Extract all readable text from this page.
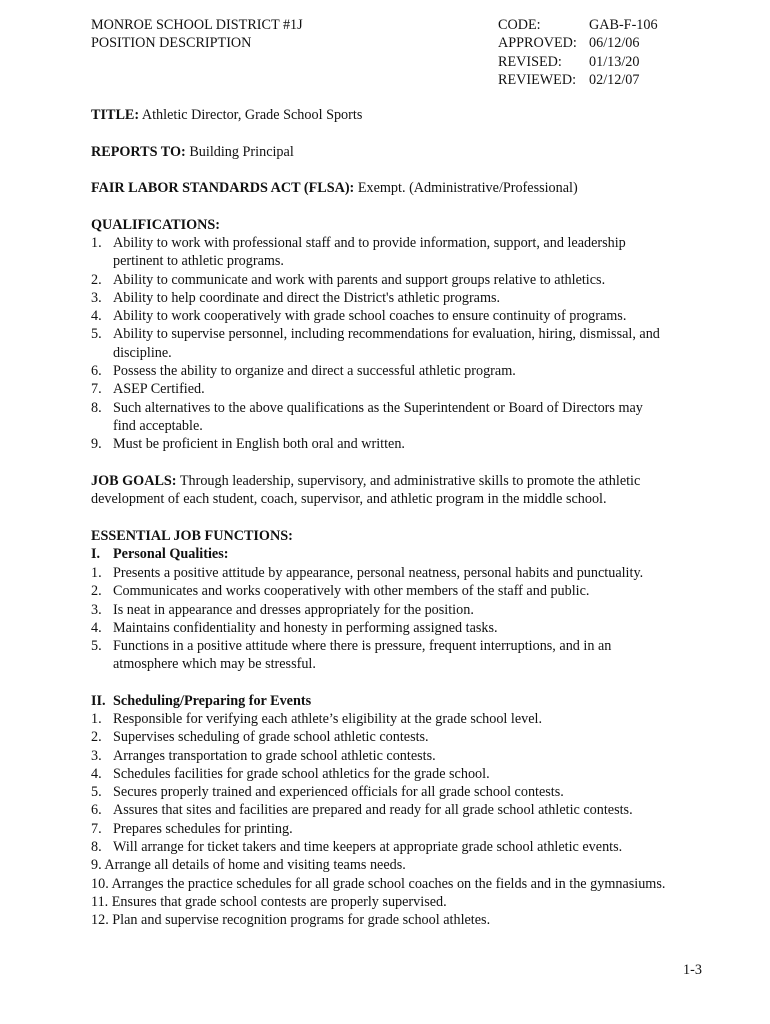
MONROE SCHOOL DISTRICT #1J
POSITION DESCRIPTION
CODE:	GAB-F-106
APPROVED: 06/12/06
REVISED: 01/13/20
REVIEWED: 02/12/07
TITLE: Athletic Director, Grade School Sports
REPORTS TO: Building Principal
FAIR LABOR STANDARDS ACT (FLSA): Exempt. (Administrative/Professional)
QUALIFICATIONS:
1. Ability to work with professional staff and to provide information, support, and leadership
pertinent to athletic programs.
2. Ability to communicate and work with parents and support groups relative to athletics.
3. Ability to help coordinate and direct the District's athletic programs.
4. Ability to work cooperatively with grade school coaches to ensure continuity of programs.
5. Ability to supervise personnel, including recommendations for evaluation, hiring, dismissal, and
discipline.
6. Possess the ability to organize and direct a successful athletic program.
7. ASEP Certified.
8. Such alternatives to the above qualifications as the Superintendent or Board of Directors may
find acceptable.
9. Must be proficient in English both oral and written.
JOB GOALS: Through leadership, supervisory, and administrative skills to promote the athletic
development of each student, coach, supervisor, and athletic program in the middle school.
ESSENTIAL JOB FUNCTIONS:
I. Personal Qualities:
1. Presents a positive attitude by appearance, personal neatness, personal habits and punctuality.
2. Communicates and works cooperatively with other members of the staff and public.
3. Is neat in appearance and dresses appropriately for the position.
4. Maintains confidentiality and honesty in performing assigned tasks.
5. Functions in a positive attitude where there is pressure, frequent interruptions, and in an
atmosphere which may be stressful.
II. Scheduling/Preparing for Events
1. Responsible for verifying each athlete’s eligibility at the grade school level.
2. Supervises scheduling of grade school athletic contests.
3. Arranges transportation to grade school athletic contests.
4. Schedules facilities for grade school athletics for the grade school.
5. Secures properly trained and experienced officials for all grade school contests.
6. Assures that sites and facilities are prepared and ready for all grade school athletic contests.
7. Prepares schedules for printing.
8. Will arrange for ticket takers and time keepers at appropriate grade school athletic events.
9. Arrange all details of home and visiting teams needs.
10. Arranges the practice schedules for all grade school coaches on the fields and in the gymnasiums.
11. Ensures that grade school contests are properly supervised.
12. Plan and supervise recognition programs for grade school athletes.
1-3
